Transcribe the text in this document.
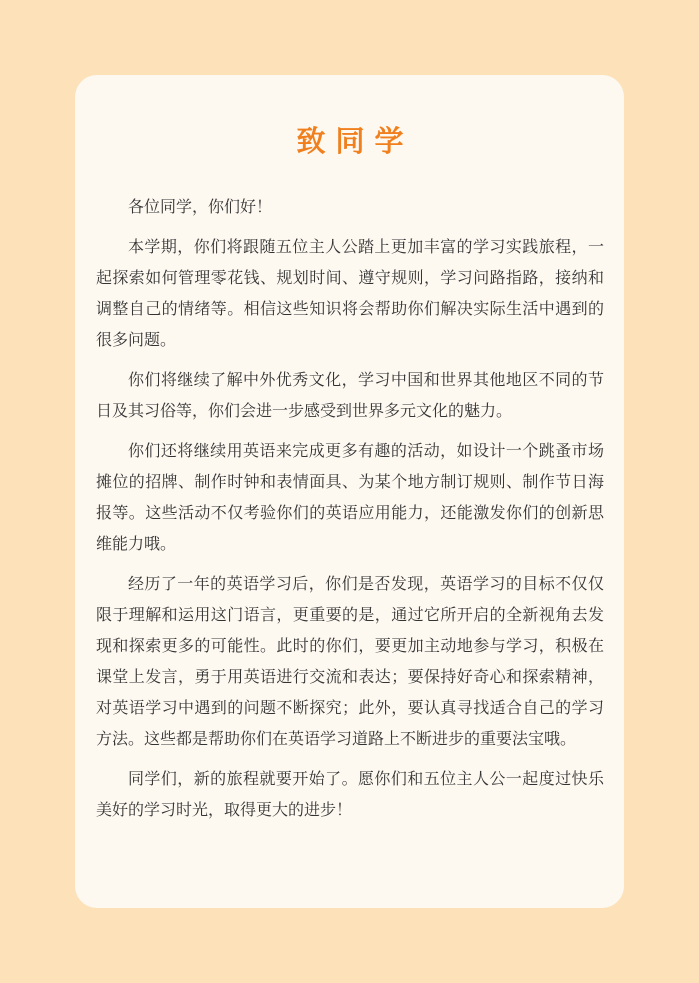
致同学

各位同学，你们好！

本学期，你们将跟随五位主人公踏上更加丰富的学习实践旅程，一起探索如何管理零花钱、规划时间、遵守规则，学习问路指路，接纳和调整自己的情绪等。相信这些知识将会帮助你们解决实际生活中遇到的很多问题。

你们将继续了解中外优秀文化，学习中国和世界其他地区不同的节日及其习俗等，你们会进一步感受到世界多元文化的魅力。

你们还将继续用英语来完成更多有趣的活动，如设计一个跳蚤市场摊位的招牌、制作时钟和表情面具、为某个地方制订规则、制作节日海报等。这些活动不仅考验你们的英语应用能力，还能激发你们的创新思维能力哦。

经历了一年的英语学习后，你们是否发现，英语学习的目标不仅仅限于理解和运用这门语言，更重要的是，通过它所开启的全新视角去发现和探索更多的可能性。此时的你们，要更加主动地参与学习，积极在课堂上发言，勇于用英语进行交流和表达；要保持好奇心和探索精神，对英语学习中遇到的问题不断探究；此外，要认真寻找适合自己的学习方法。这些都是帮助你们在英语学习道路上不断进步的重要法宝哦。

同学们，新的旅程就要开始了。愿你们和五位主人公一起度过快乐美好的学习时光，取得更大的进步！
